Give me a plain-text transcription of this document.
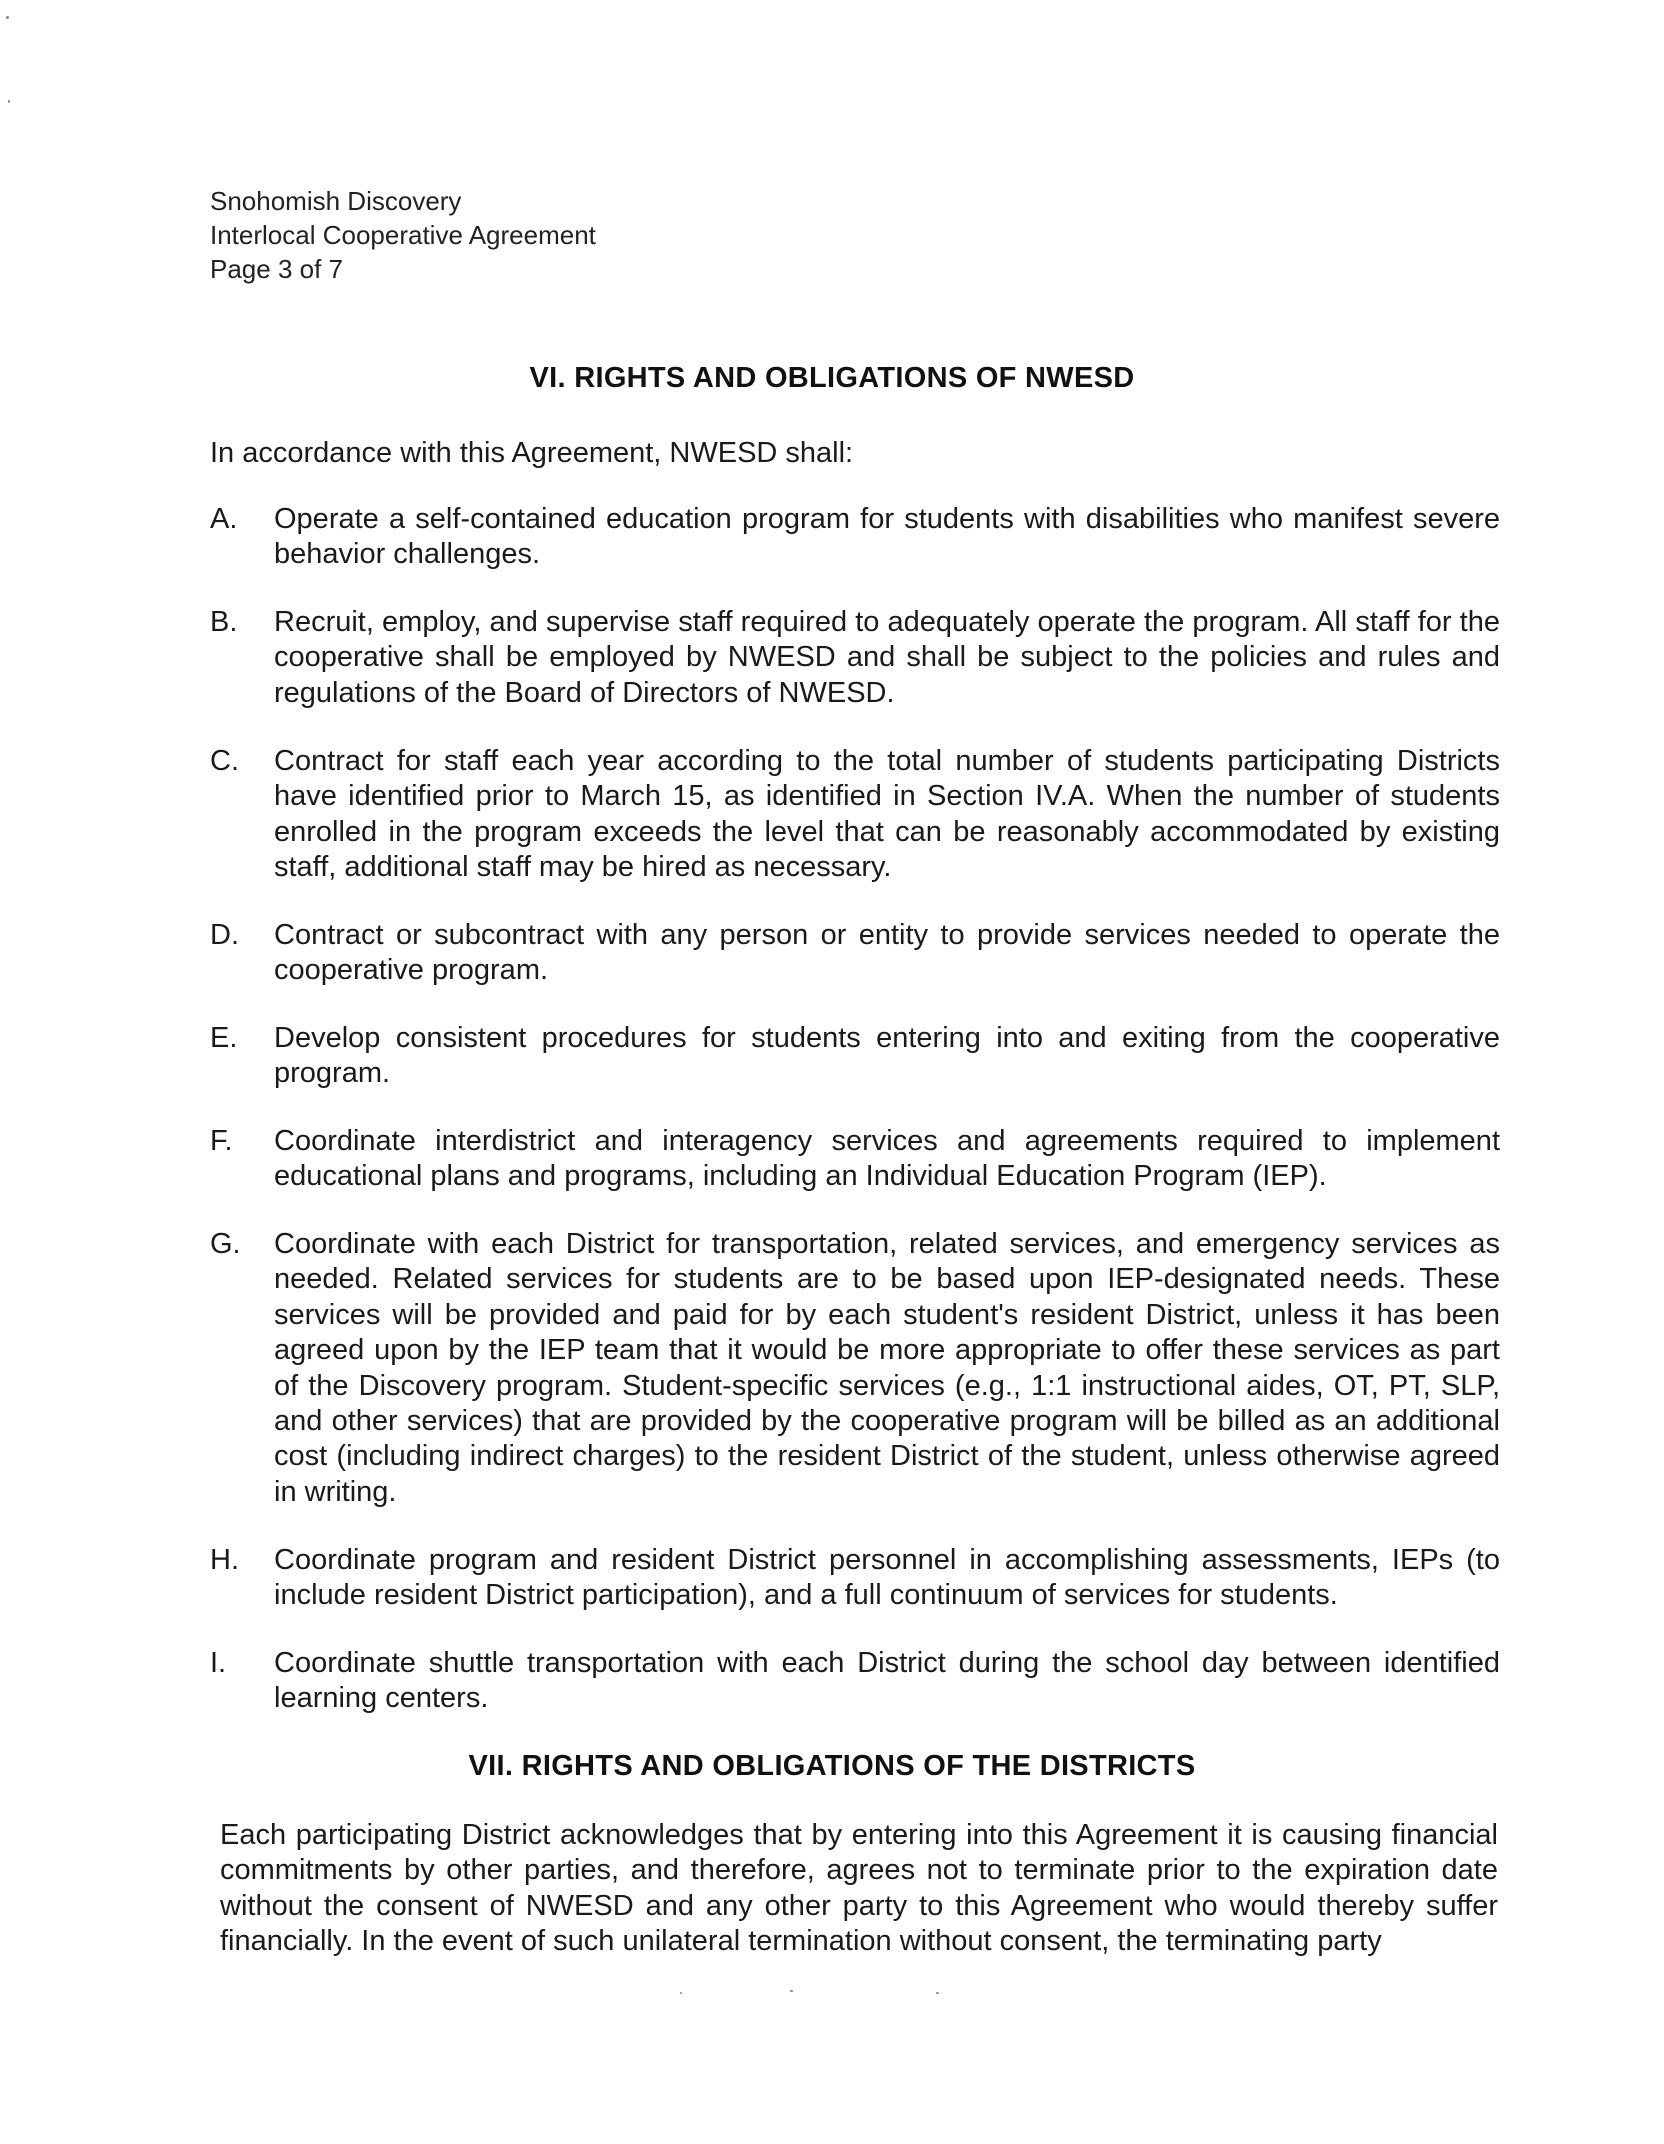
Snohomish Discovery
Interlocal Cooperative Agreement
Page 3 of 7
VI. RIGHTS AND OBLIGATIONS OF NWESD
In accordance with this Agreement, NWESD shall:
A. Operate a self-contained education program for students with disabilities who manifest severe behavior challenges.
B. Recruit, employ, and supervise staff required to adequately operate the program. All staff for the cooperative shall be employed by NWESD and shall be subject to the policies and rules and regulations of the Board of Directors of NWESD.
C. Contract for staff each year according to the total number of students participating Districts have identified prior to March 15, as identified in Section IV.A. When the number of students enrolled in the program exceeds the level that can be reasonably accommodated by existing staff, additional staff may be hired as necessary.
D. Contract or subcontract with any person or entity to provide services needed to operate the cooperative program.
E. Develop consistent procedures for students entering into and exiting from the cooperative program.
F. Coordinate interdistrict and interagency services and agreements required to implement educational plans and programs, including an Individual Education Program (IEP).
G. Coordinate with each District for transportation, related services, and emergency services as needed. Related services for students are to be based upon IEP-designated needs. These services will be provided and paid for by each student's resident District, unless it has been agreed upon by the IEP team that it would be more appropriate to offer these services as part of the Discovery program. Student-specific services (e.g., 1:1 instructional aides, OT, PT, SLP, and other services) that are provided by the cooperative program will be billed as an additional cost (including indirect charges) to the resident District of the student, unless otherwise agreed in writing.
H. Coordinate program and resident District personnel in accomplishing assessments, IEPs (to include resident District participation), and a full continuum of services for students.
I. Coordinate shuttle transportation with each District during the school day between identified learning centers.
VII. RIGHTS AND OBLIGATIONS OF THE DISTRICTS
Each participating District acknowledges that by entering into this Agreement it is causing financial commitments by other parties, and therefore, agrees not to terminate prior to the expiration date without the consent of NWESD and any other party to this Agreement who would thereby suffer financially. In the event of such unilateral termination without consent, the terminating party
